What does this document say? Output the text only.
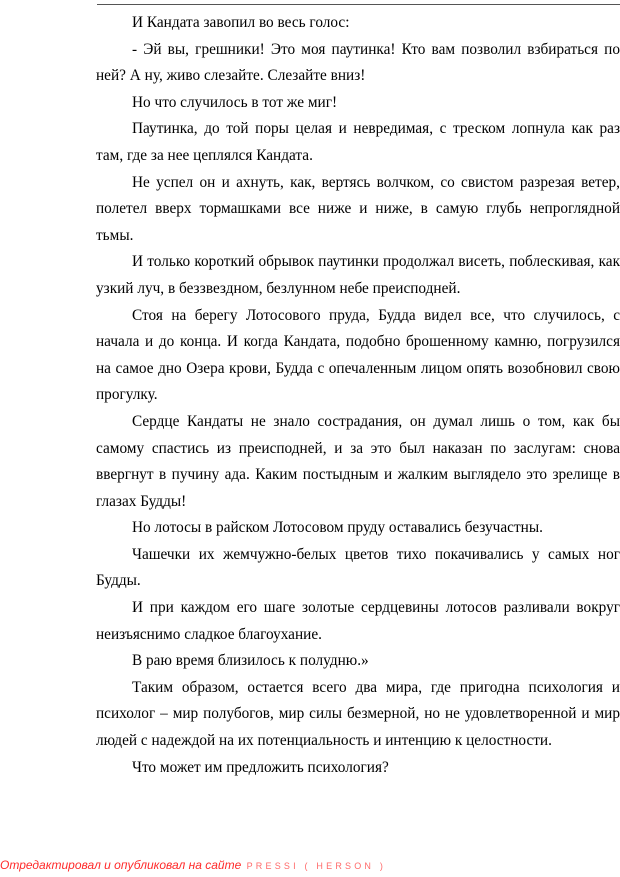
И Кандата завопил во весь голос:

- Эй вы, грешники! Это моя паутинка! Кто вам позволил взбираться по ней? А ну, живо слезайте. Слезайте вниз!

Но что случилось в тот же миг!

Паутинка, до той поры целая и невредимая, с треском лопнула как раз там, где за нее цеплялся Кандата.

Не успел он и ахнуть, как, вертясь волчком, со свистом разрезая ветер, полетел вверх тормашками все ниже и ниже, в самую глубь непроглядной тьмы.

И только короткий обрывок паутинки продолжал висеть, поблескивая, как узкий луч, в беззвездном, безлунном небе преисподней.

Стоя на берегу Лотосового пруда, Будда видел все, что случилось, с начала и до конца. И когда Кандата, подобно брошенному камню, погрузился на самое дно Озера крови, Будда с опечаленным лицом опять возобновил свою прогулку.

Сердце Кандаты не знало сострадания, он думал лишь о том, как бы самому спастись из преисподней, и за это был наказан по заслугам: снова ввергнут в пучину ада. Каким постыдным и жалким выглядело это зрелище в глазах Будды!

Но лотосы в райском Лотосовом пруду оставались безучастны.

Чашечки их жемчужно-белых цветов тихо покачивались у самых ног Будды.

И при каждом его шаге золотые сердцевины лотосов разливали вокруг неизъяснимо сладкое благоухание.

В раю время близилось к полудню.»

Таким образом, остается всего два мира, где пригодна психология и психолог – мир полубогов, мир силы безмерной, но не удовлетворенной и мир людей с надеждой на их потенциальность и интенцию к целостности.

Что может им предложить психология?

Отредактировал и опубликовал на сайте PRESSI ( HERSON )
